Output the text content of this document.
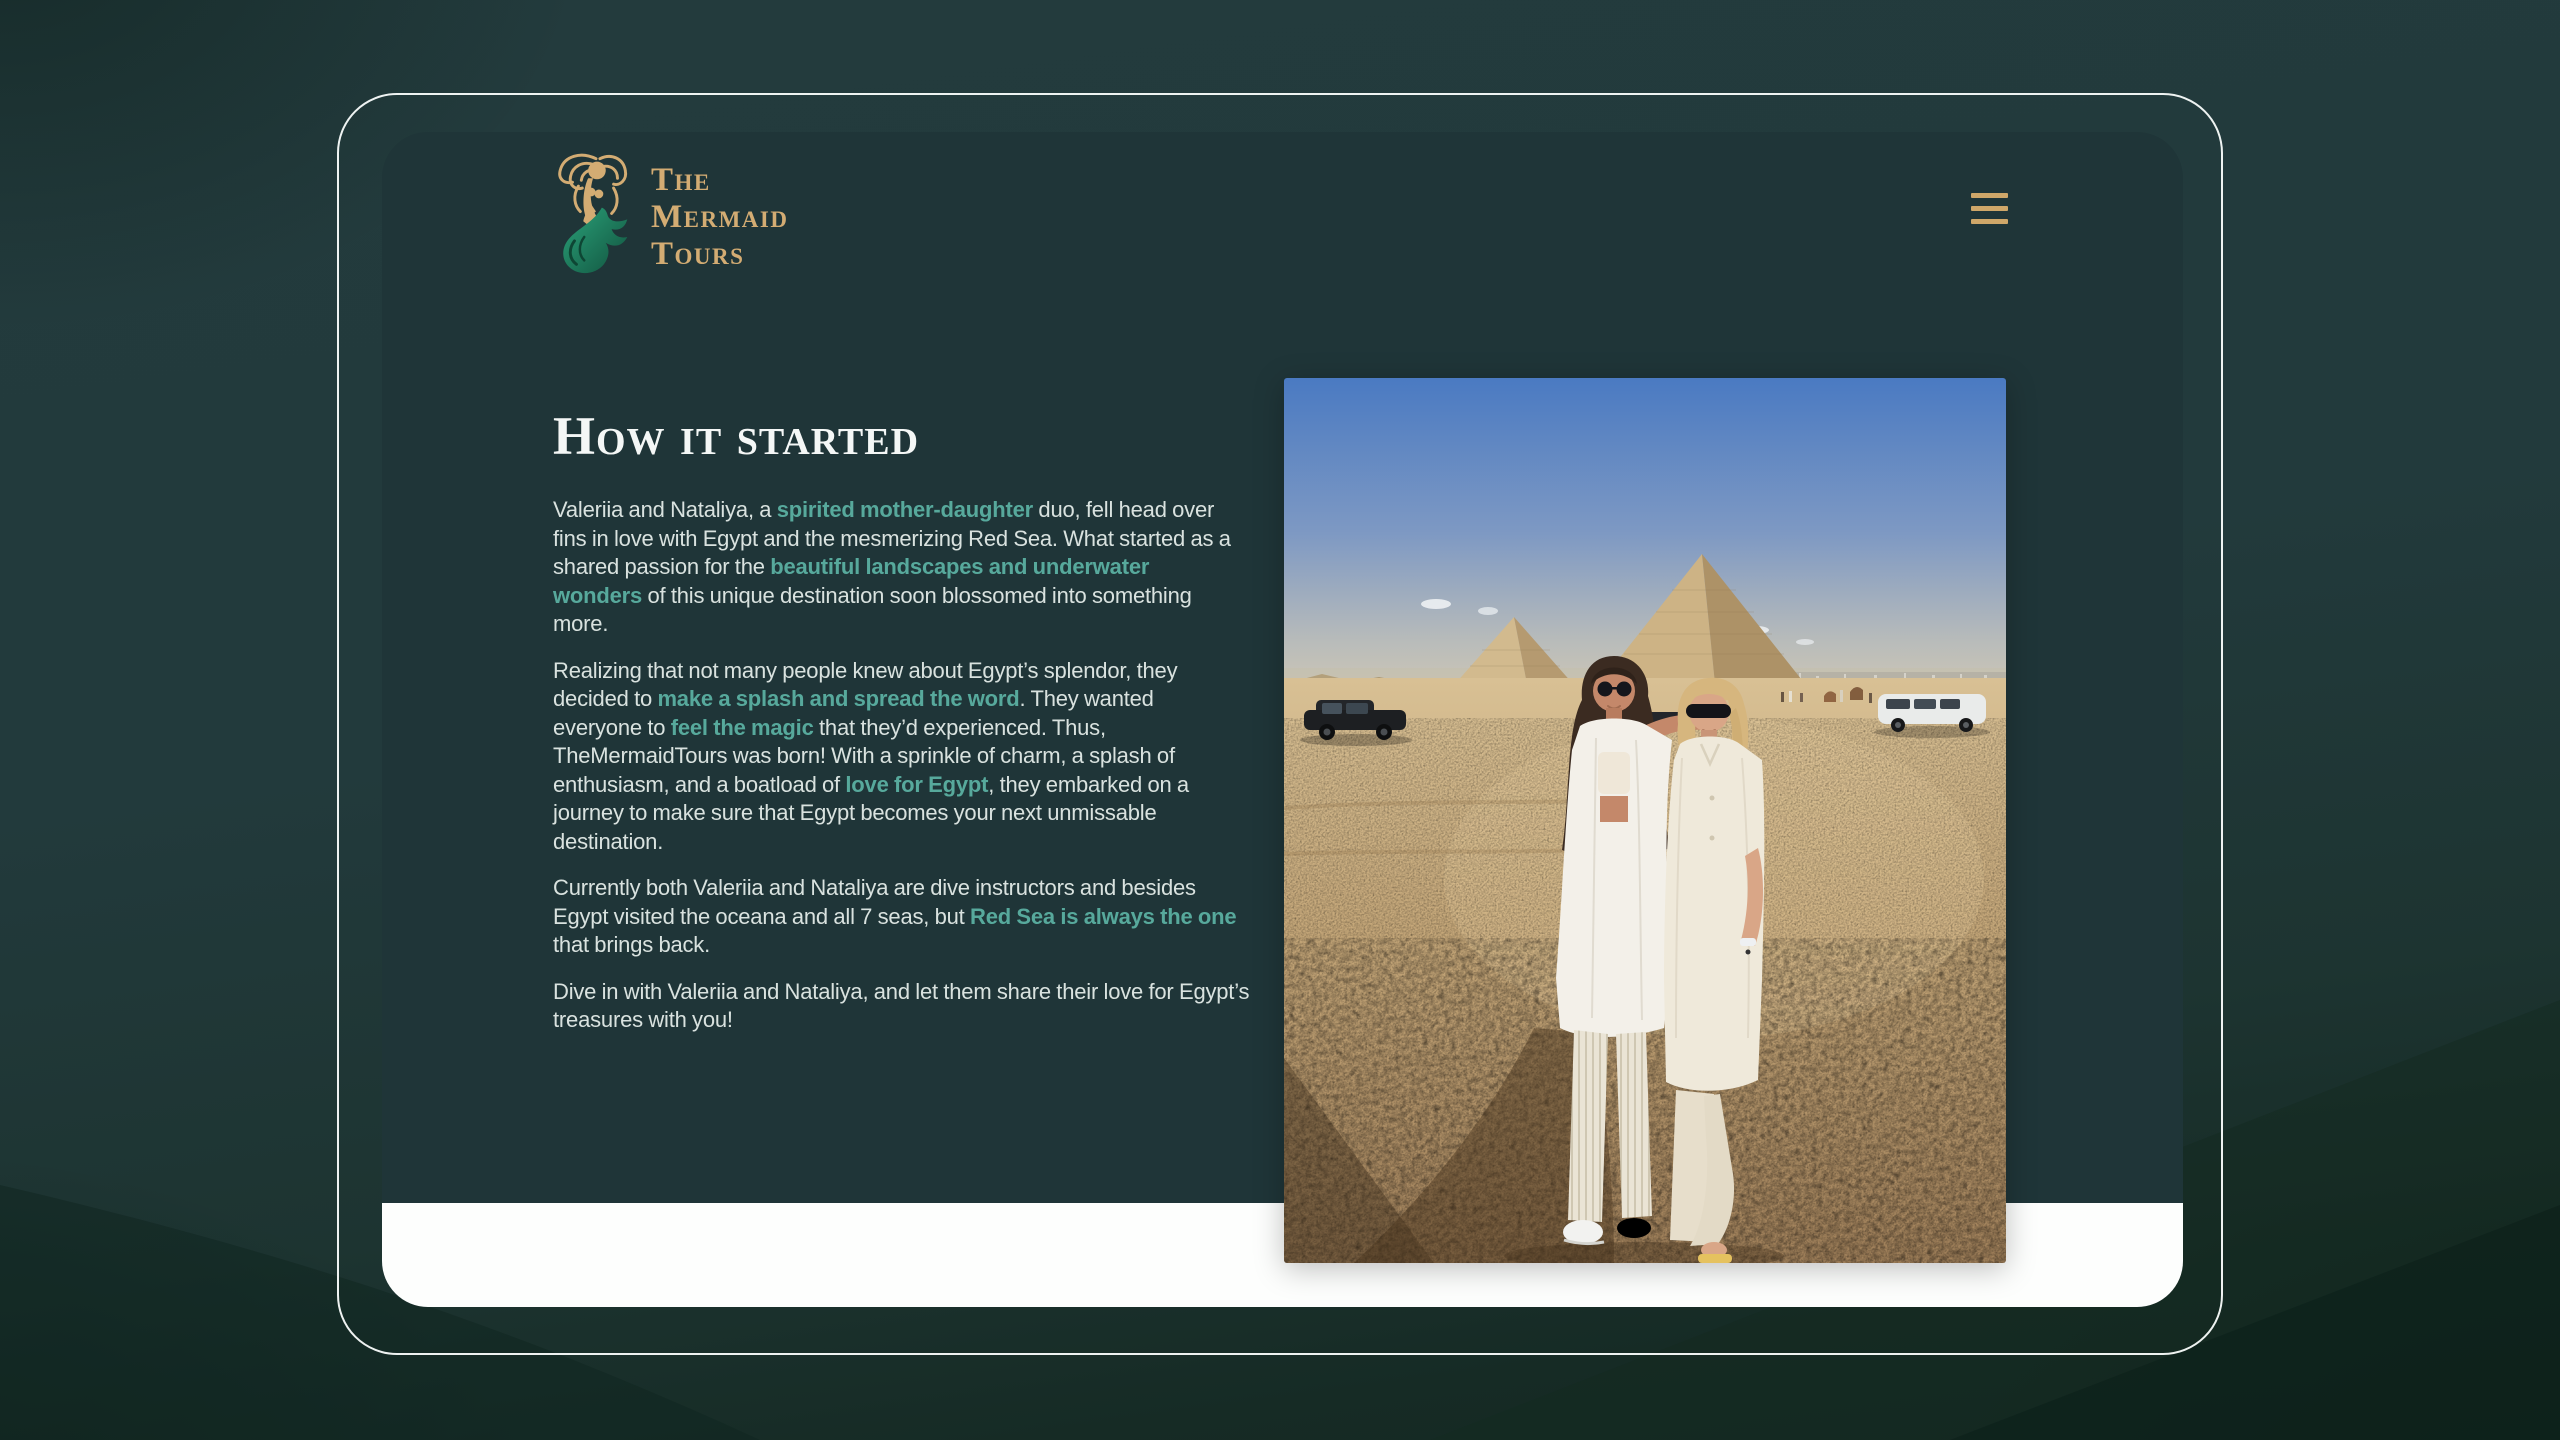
The
Mermaid
Tours
How it started

Valeriia and Nataliya, a spirited mother-daughter duo, fell head over fins in love with Egypt and the mesmerizing Red Sea. What started as a shared passion for the beautiful landscapes and underwater wonders of this unique destination soon blossomed into something more.

Realizing that not many people knew about Egypt’s splendor, they decided to make a splash and spread the word. They wanted everyone to feel the magic that they’d experienced. Thus, TheMermaidTours was born! With a sprinkle of charm, a splash of enthusiasm, and a boatload of love for Egypt, they embarked on a journey to make sure that Egypt becomes your next unmissable destination.

Currently both Valeriia and Nataliya are dive instructors and besides Egypt visited the oceana and all 7 seas, but Red Sea is always the one that brings back.

Dive in with Valeriia and Nataliya, and let them share their love for Egypt’s treasures with you!
